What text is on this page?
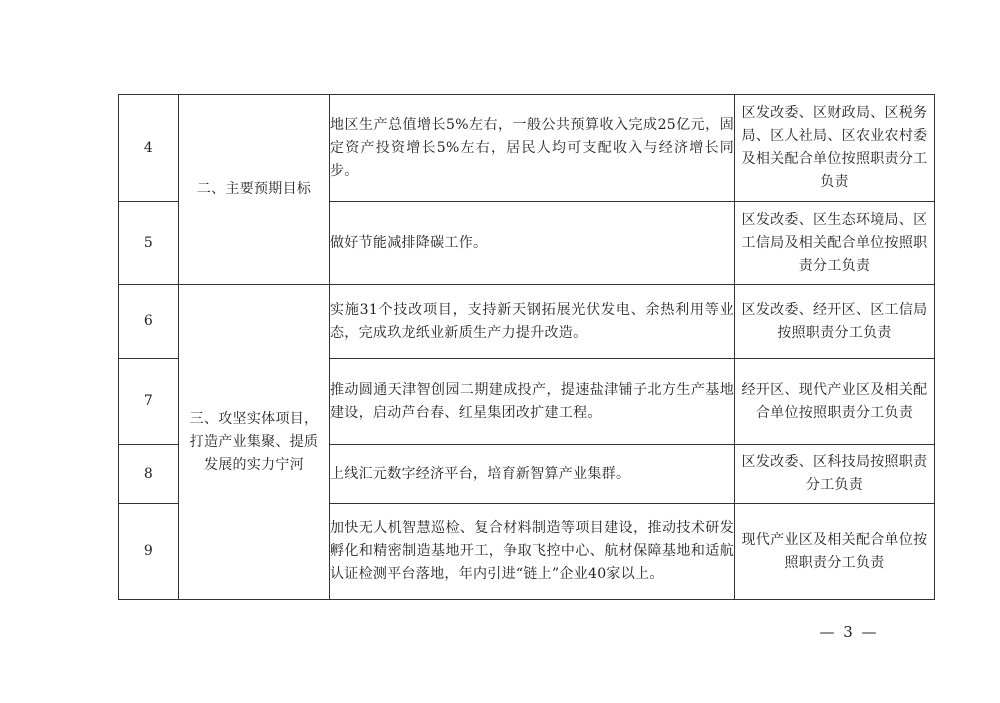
4	二、主要预期目标	地区生产总值增长5%左右，一般公共预算收入完成25亿元，固定资产投资增长5%左右，居民人均可支配收入与经济增长同步。	区发改委、区财政局、区税务局、区人社局、区农业农村委及相关配合单位按照职责分工负责
5		做好节能减排降碳工作。	区发改委、区生态环境局、区工信局及相关配合单位按照职责分工负责
6	三、攻坚实体项目，打造产业集聚、提质发展的实力宁河	实施31个技改项目，支持新天钢拓展光伏发电、余热利用等业态，完成玖龙纸业新质生产力提升改造。	区发改委、经开区、区工信局按照职责分工负责
7		推动圆通天津智创园二期建成投产，提速盐津铺子北方生产基地建设，启动芦台春、红星集团改扩建工程。	经开区、现代产业区及相关配合单位按照职责分工负责
8		上线汇元数字经济平台，培育新智算产业集群。	区发改委、区科技局按照职责分工负责
9		加快无人机智慧巡检、复合材料制造等项目建设，推动技术研发孵化和精密制造基地开工，争取飞控中心、航材保障基地和适航认证检测平台落地，年内引进“链上”企业40家以上。	现代产业区及相关配合单位按照职责分工负责
— 3 —
